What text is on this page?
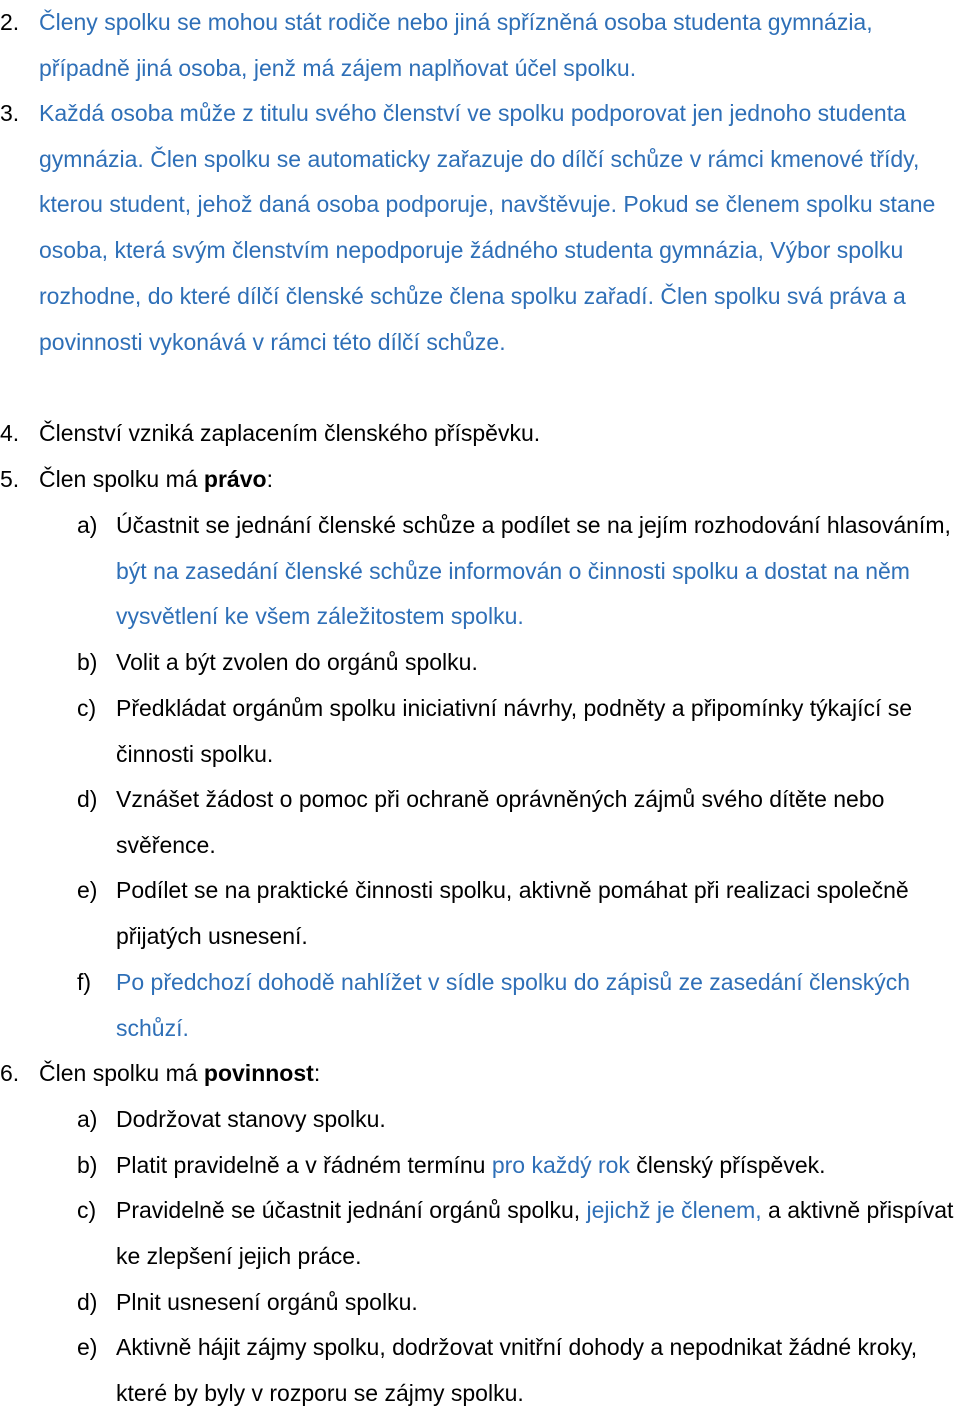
2. Členy spolku se mohou stát rodiče nebo jiná spřízněná osoba studenta gymnázia, případně jiná osoba, jenž má zájem naplňovat účel spolku.
3. Každá osoba může z titulu svého členství ve spolku podporovat jen jednoho studenta gymnázia. Člen spolku se automaticky zařazuje do dílčí schůze v rámci kmenové třídy, kterou student, jehož daná osoba podporuje, navštěvuje. Pokud se členem spolku stane osoba, která svým členstvím nepodporuje žádného studenta gymnázia, Výbor spolku rozhodne, do které dílčí členské schůze člena spolku zařadí. Člen spolku svá práva a povinnosti vykonává v rámci této dílčí schůze.
4. Členství vzniká zaplacením členského příspěvku.
5. Člen spolku má právo:
a) Účastnit se jednání členské schůze a podílet se na jejím rozhodování hlasováním, být na zasedání členské schůze informován o činnosti spolku a dostat na něm vysvětlení ke všem záležitostem spolku.
b) Volit a být zvolen do orgánů spolku.
c) Předkládat orgánům spolku iniciativní návrhy, podněty a připomínky týkající se činnosti spolku.
d) Vznášet žádost o pomoc při ochraně oprávněných zájmů svého dítěte nebo svěřence.
e) Podílet se na praktické činnosti spolku, aktivně pomáhat při realizaci společně přijatých usnesení.
f) Po předchozí dohodě nahlížet v sídle spolku do zápisů ze zasedání členských schůzí.
6. Člen spolku má povinnost:
a) Dodržovat stanovy spolku.
b) Platit pravidelně a v řádném termínu pro každý rok členský příspěvek.
c) Pravidelně se účastnit jednání orgánů spolku, jejichž je členem, a aktivně přispívat ke zlepšení jejich práce.
d) Plnit usnesení orgánů spolku.
e) Aktivně hájit zájmy spolku, dodržovat vnitřní dohody a nepodnikat žádné kroky, které by byly v rozporu se zájmy spolku.
